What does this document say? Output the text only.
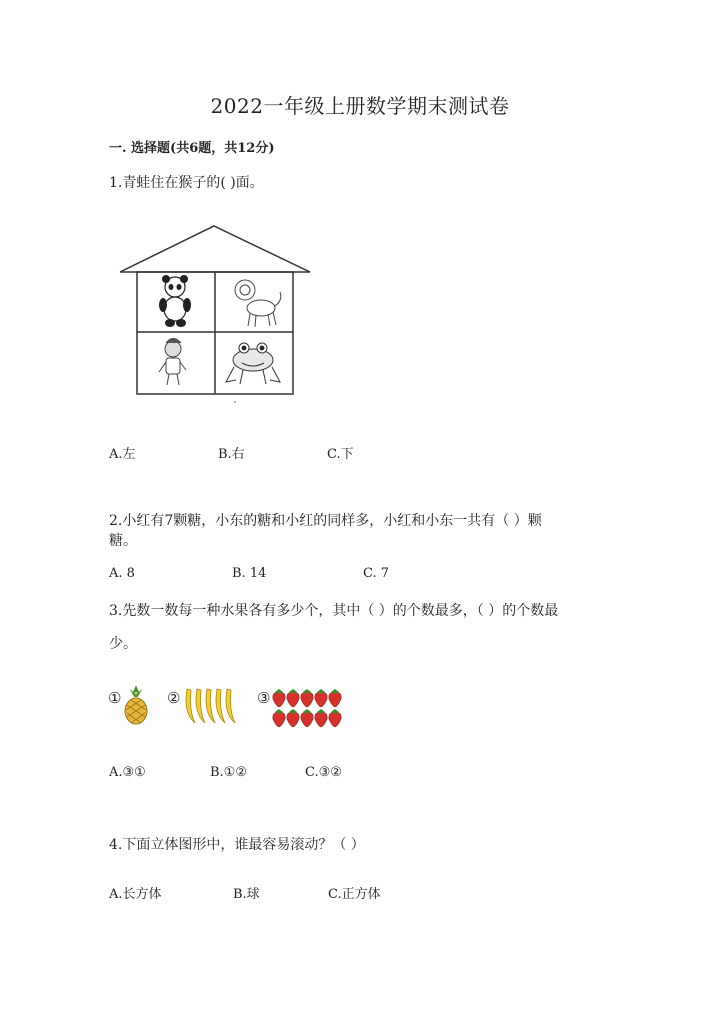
2022一年级上册数学期末测试卷
一. 选择题(共6题，共12分)
1.青蛙住在猴子的( )面。
A.左	B.右	C.下
2.小红有7颗糖，小东的糖和小红的同样多，小红和小东一共有（ ）颗
糖。
A. 8	B. 14	C. 7
3.先数一数每一种水果各有多少个，其中（ ）的个数最多，（ ）的个数最
少。
①	②	③
A.③①	B.①②	C.③②
4.下面立体图形中，谁最容易滚动？（ ）
A.长方体	B.球	C.正方体
